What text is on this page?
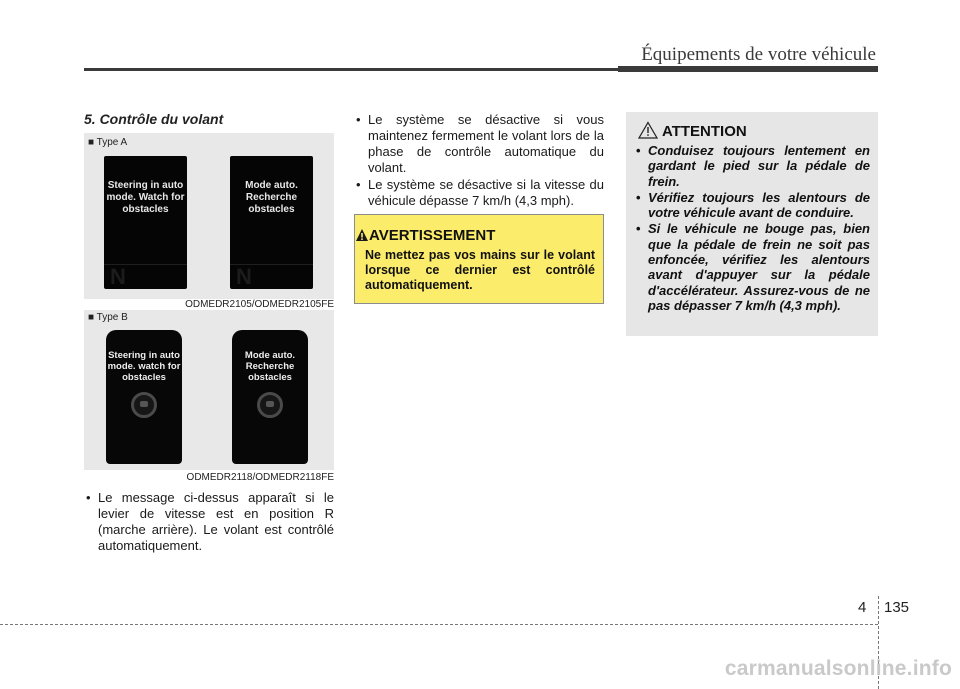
Équipements de votre véhicule
5. Contrôle du volant
■ Type A
Steering in auto mode. Watch for obstacles
N
Mode auto. Recherche obstacles
N
ODMEDR2105/ODMEDR2105FE
■ Type B
Steering in auto mode. watch for obstacles
Mode auto. Recherche obstacles
ODMEDR2118/ODMEDR2118FE
• Le message ci-dessus apparaît si le levier de vitesse est en position R (marche arrière). Le volant est contrôlé automatiquement.
• Le système se désactive si vous maintenez fermement le volant lors de la phase de contrôle automatique du volant.
• Le système se désactive si la vitesse du véhicule dépasse 7 km/h (4,3 mph).
AVERTISSEMENT
Ne mettez pas vos mains sur le volant lorsque ce dernier est contrôlé automatiquement.
ATTENTION
• Conduisez toujours lentement en gardant le pied sur la pédale de frein.
• Vérifiez toujours les alentours de votre véhicule avant de conduire.
• Si le véhicule ne bouge pas, bien que la pédale de frein ne soit pas enfoncée, vérifiez les alentours avant d'appuyer sur la pédale d'accélérateur. Assurez-vous de ne pas dépasser 7 km/h (4,3 mph).
4 135
carmanualsonline.info
